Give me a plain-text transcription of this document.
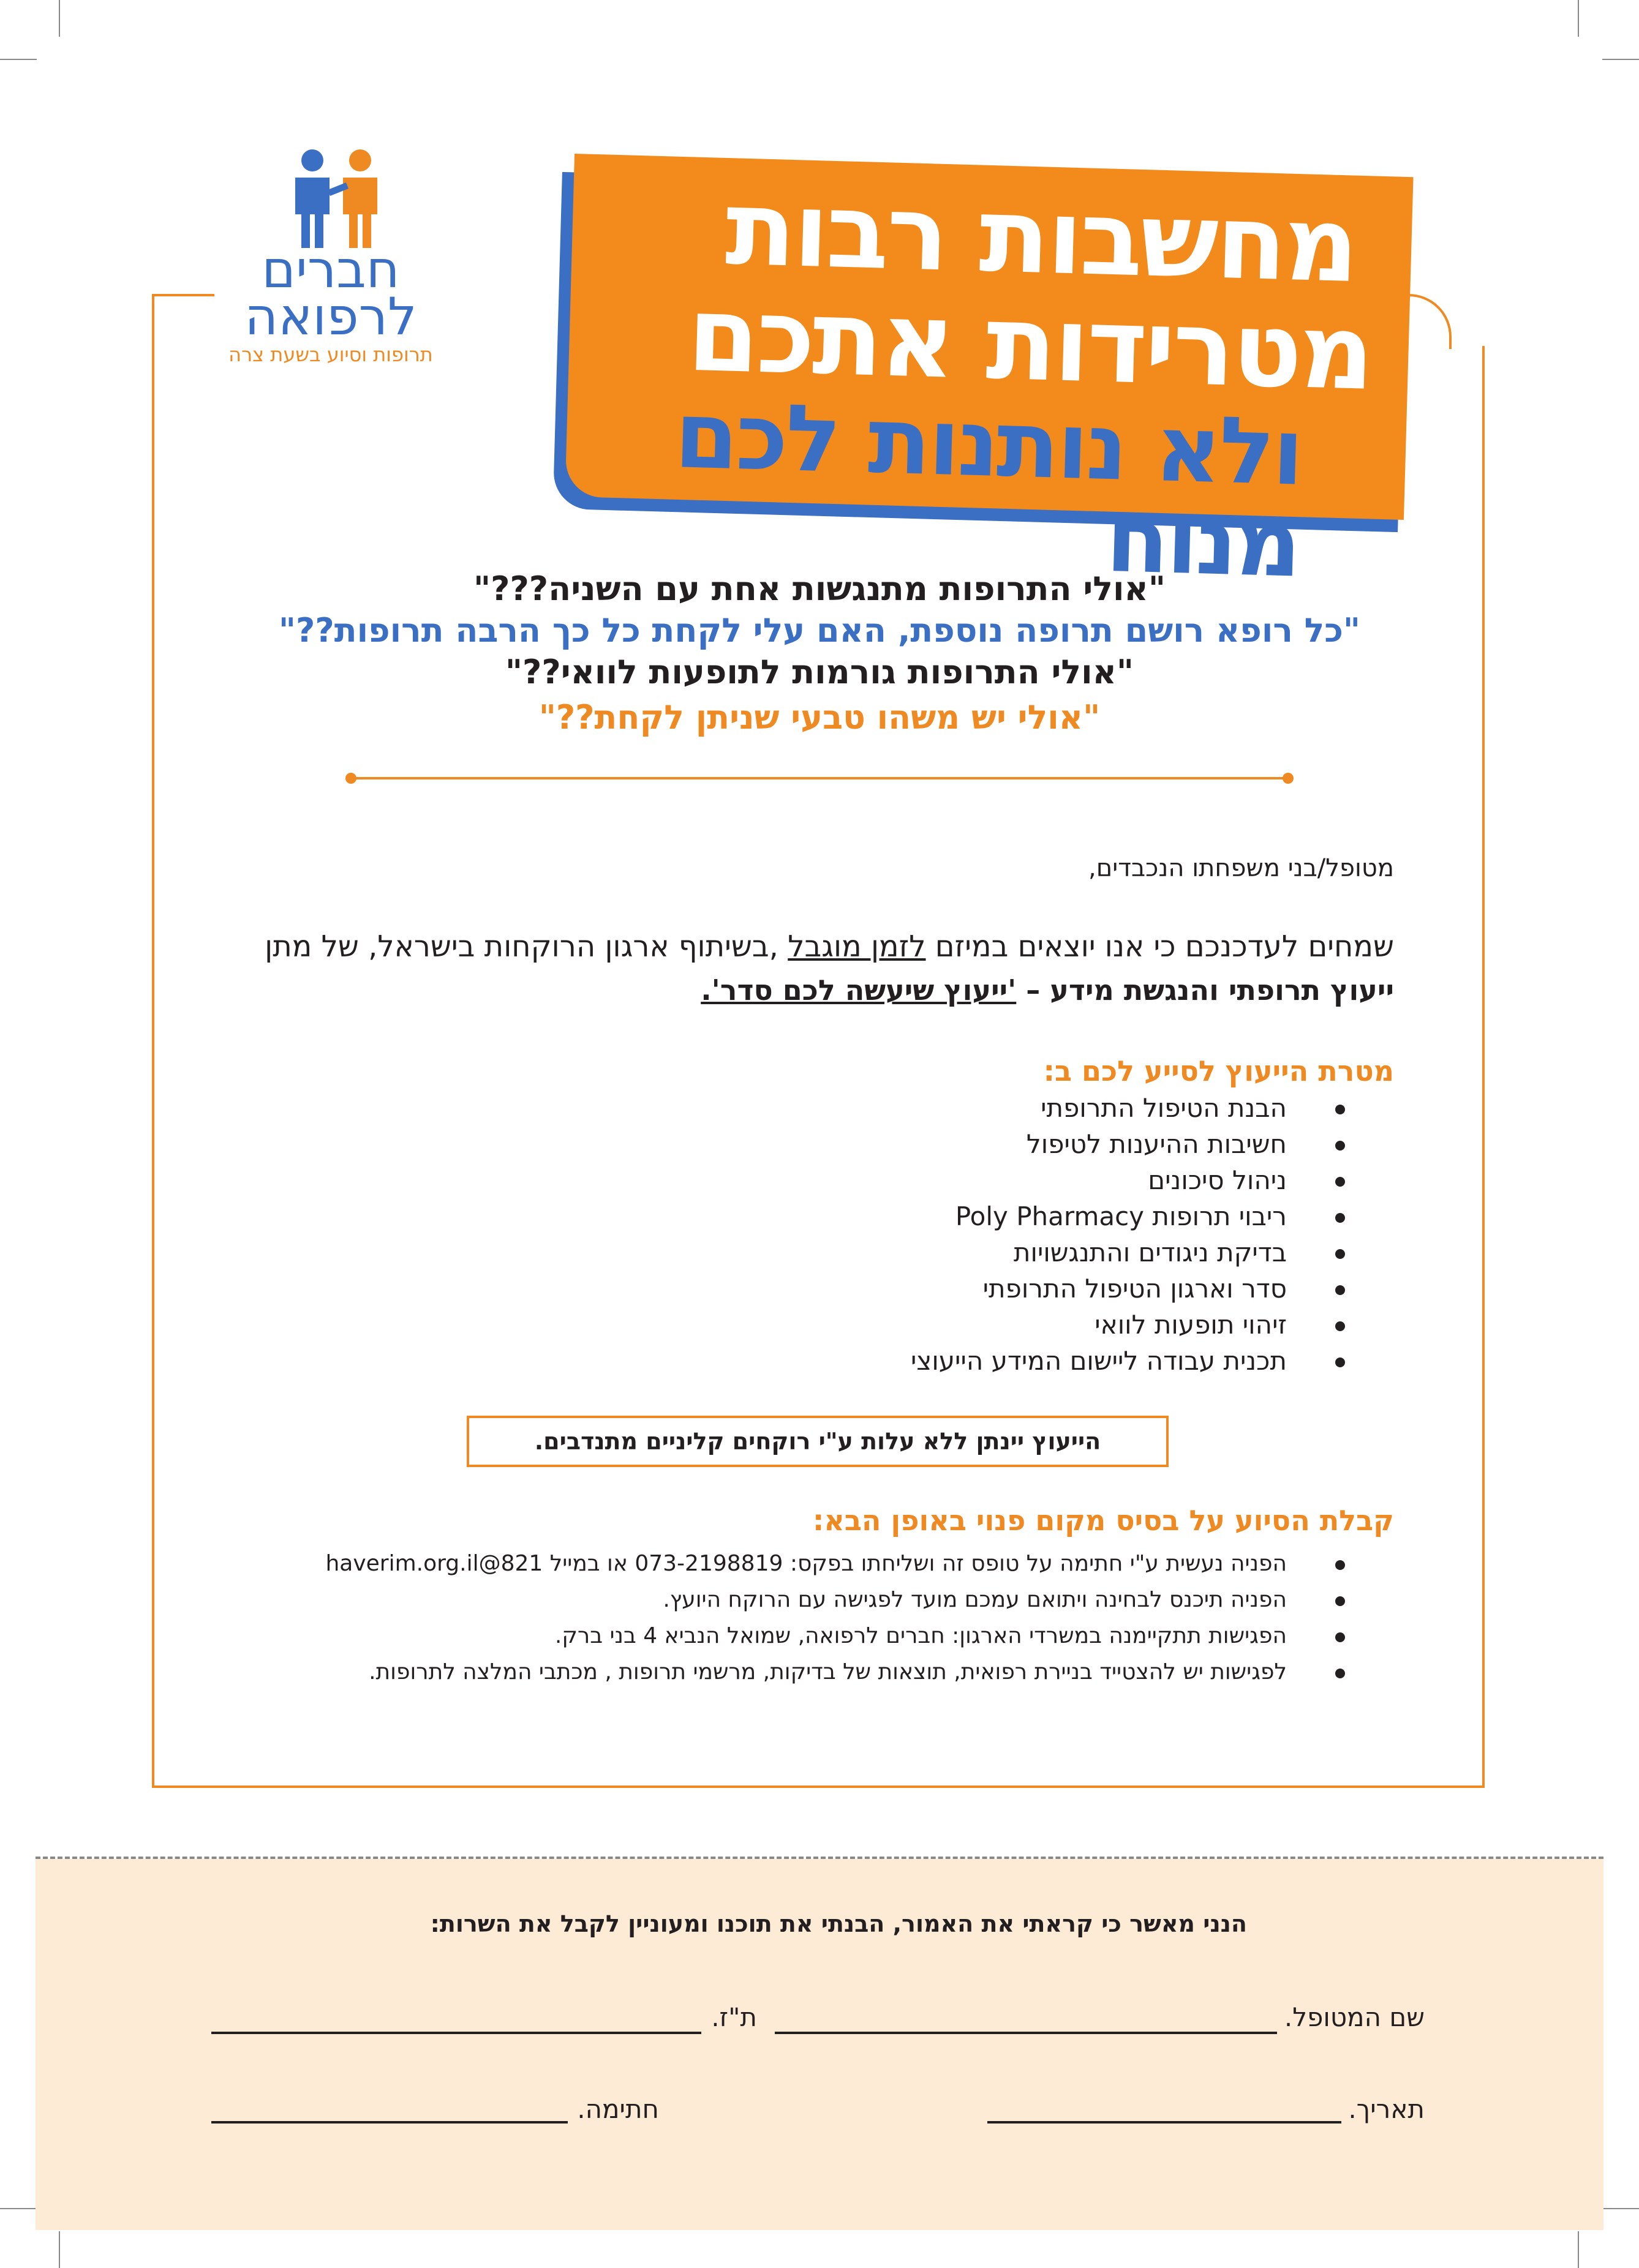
חברים
לרפואה
תרופות וסיוע בשעת צרה
מחשבות רבות
מטרידות אתכם
ולא נותנות לכם מנוח
"אולי התרופות מתנגשות אחת עם השניה???"
"כל רופא רושם תרופה נוספת, האם עלי לקחת כל כך הרבה תרופות??"
"אולי התרופות גורמות לתופעות לוואי??"
"אולי יש משהו טבעי שניתן לקחת??"
מטופל/בני משפחתו הנכבדים,
שמחים לעדכנכם כי אנו יוצאים במיזם לזמן מוגבל ,בשיתוף ארגון הרוקחות בישראל, של מתן
ייעוץ תרופתי והנגשת מידע – 'ייעוץ שיעשה לכם סדר'.
מטרת הייעוץ לסייע לכם ב:
הבנת הטיפול התרופתי
חשיבות ההיענות לטיפול
ניהול סיכונים
ריבוי תרופות Poly Pharmacy
בדיקת ניגודים והתנגשויות
סדר וארגון הטיפול התרופתי
זיהוי תופעות לוואי
תכנית עבודה ליישום המידע הייעוצי
הייעוץ יינתן ללא עלות ע"י רוקחים קליניים מתנדבים.
קבלת הסיוע על בסיס מקום פנוי באופן הבא:
הפניה נעשית ע"י חתימה על טופס זה ושליחתו בפקס: 073-2198819 או במייל 821@haverim.org.il
הפניה תיכנס לבחינה ויתואם עמכם מועד לפגישה עם הרוקח היועץ.
הפגישות תתקיימנה במשרדי הארגון: חברים לרפואה, שמואל הנביא 4 בני ברק.
לפגישות יש להצטייד בניירת רפואית, תוצאות של בדיקות, מרשמי תרופות , מכתבי המלצה לתרופות.
הנני מאשר כי קראתי את האמור, הבנתי את תוכנו ומעוניין לקבל את השרות:
שם המטופל.
ת"ז.
תאריך.
חתימה.
